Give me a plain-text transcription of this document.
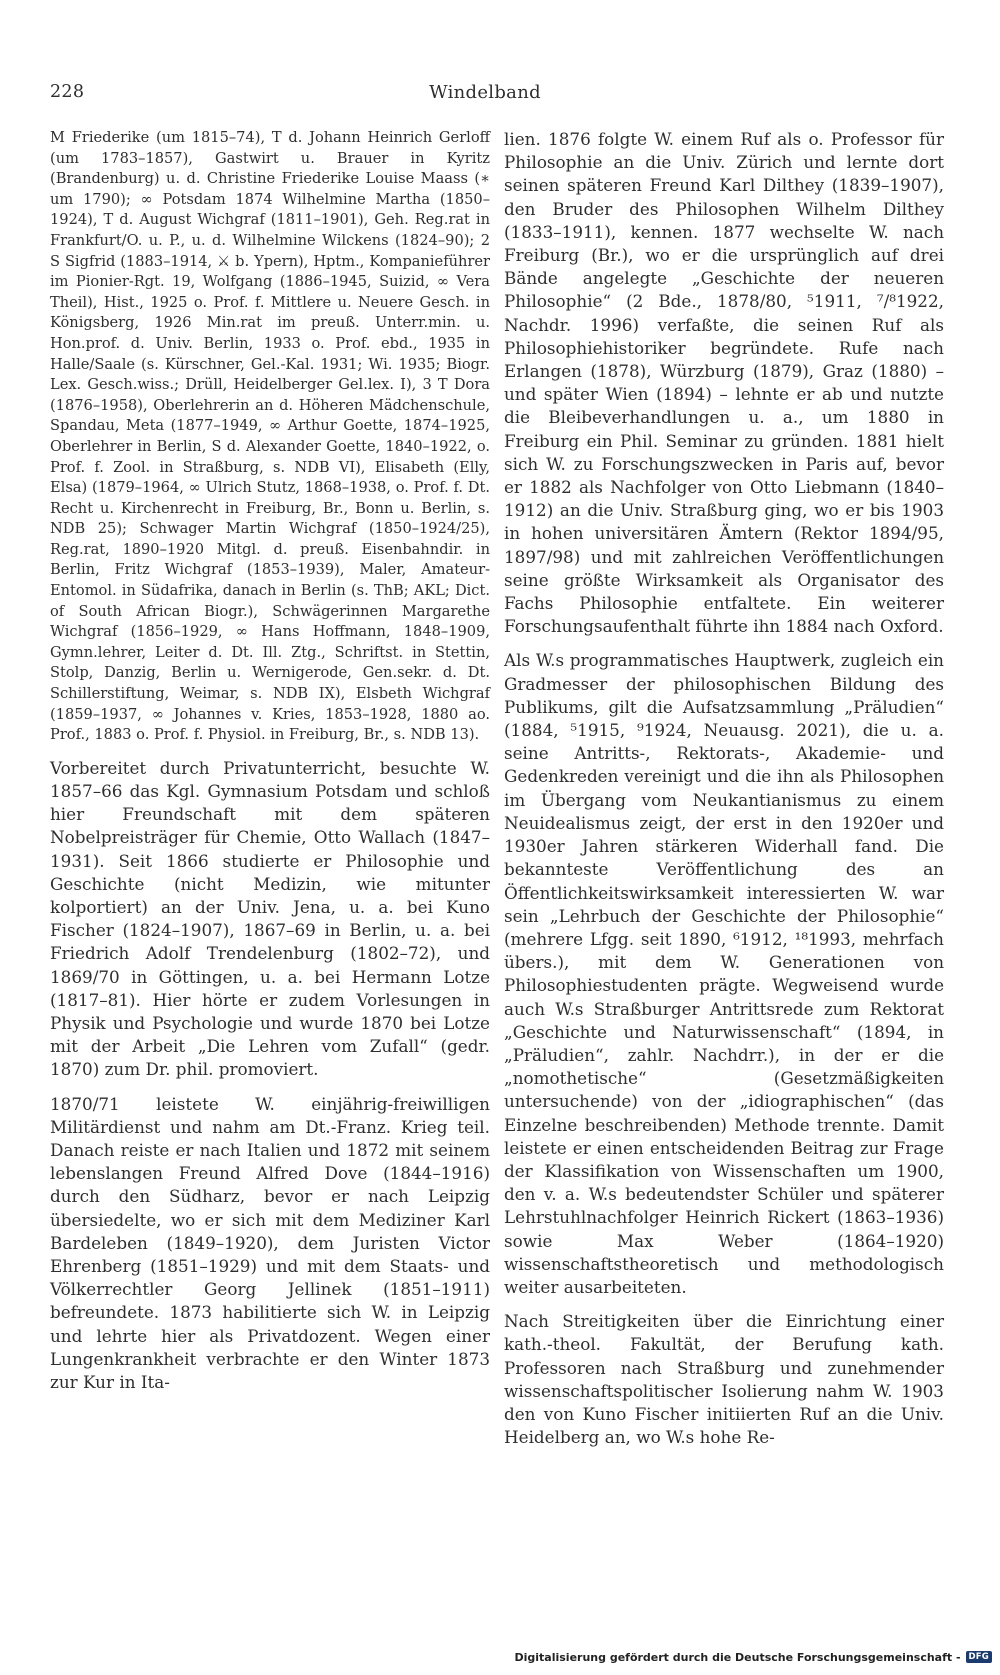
228	Windelband

M Friederike (um 1815–74), T d. Johann Heinrich Gerloff (um 1783–1857), Gastwirt u. Brauer in Kyritz (Brandenburg) u. d. Christine Friederike Louise Maass (∗ um 1790); ∞ Potsdam 1874 Wilhelmine Martha (1850–1924), T d. August Wichgraf (1811–1901), Geh. Reg.rat in Frankfurt/O. u. P., u. d. Wilhelmine Wilckens (1824–90); 2 S Sigfrid (1883–1914, ⚔ b. Ypern), Hptm., Kompanieführer im Pionier-Rgt. 19, Wolfgang (1886–1945, Suizid, ∞ Vera Theil), Hist., 1925 o. Prof. f. Mittlere u. Neuere Gesch. in Königsberg, 1926 Min.rat im preuß. Unterr.min. u. Hon.prof. d. Univ. Berlin, 1933 o. Prof. ebd., 1935 in Halle/Saale (s. Kürschner, Gel.-Kal. 1931; Wi. 1935; Biogr. Lex. Gesch.wiss.; Drüll, Heidelberger Gel.lex. I), 3 T Dora (1876–1958), Oberlehrerin an d. Höheren Mädchenschule, Spandau, Meta (1877–1949, ∞ Arthur Goette, 1874–1925, Oberlehrer in Berlin, S d. Alexander Goette, 1840–1922, o. Prof. f. Zool. in Straßburg, s. NDB VI), Elisabeth (Elly, Elsa) (1879–1964, ∞ Ulrich Stutz, 1868–1938, o. Prof. f. Dt. Recht u. Kirchenrecht in Freiburg, Br., Bonn u. Berlin, s. NDB 25); Schwager Martin Wichgraf (1850–1924/25), Reg.rat, 1890–1920 Mitgl. d. preuß. Eisenbahndir. in Berlin, Fritz Wichgraf (1853–1939), Maler, Amateur-Entomol. in Südafrika, danach in Berlin (s. ThB; AKL; Dict. of South African Biogr.), Schwägerinnen Margarethe Wichgraf (1856–1929, ∞ Hans Hoffmann, 1848–1909, Gymn.lehrer, Leiter d. Dt. Ill. Ztg., Schriftst. in Stettin, Stolp, Danzig, Berlin u. Wernigerode, Gen.sekr. d. Dt. Schillerstiftung, Weimar, s. NDB IX), Elsbeth Wichgraf (1859–1937, ∞ Johannes v. Kries, 1853–1928, 1880 ao. Prof., 1883 o. Prof. f. Physiol. in Freiburg, Br., s. NDB 13).

Vorbereitet durch Privatunterricht, besuchte W. 1857–66 das Kgl. Gymnasium Potsdam und schloß hier Freundschaft mit dem späteren Nobelpreisträger für Chemie, Otto Wallach (1847–1931). Seit 1866 studierte er Philosophie und Geschichte (nicht Medizin, wie mitunter kolportiert) an der Univ. Jena, u. a. bei Kuno Fischer (1824–1907), 1867–69 in Berlin, u. a. bei Friedrich Adolf Trendelenburg (1802–72), und 1869/70 in Göttingen, u. a. bei Hermann Lotze (1817–81). Hier hörte er zudem Vorlesungen in Physik und Psychologie und wurde 1870 bei Lotze mit der Arbeit „Die Lehren vom Zufall“ (gedr. 1870) zum Dr. phil. promoviert.

1870/71 leistete W. einjährig-freiwilligen Militärdienst und nahm am Dt.-Franz. Krieg teil. Danach reiste er nach Italien und 1872 mit seinem lebenslangen Freund Alfred Dove (1844–1916) durch den Südharz, bevor er nach Leipzig übersiedelte, wo er sich mit dem Mediziner Karl Bardeleben (1849–1920), dem Juristen Victor Ehrenberg (1851–1929) und mit dem Staats- und Völkerrechtler Georg Jellinek (1851–1911) befreundete. 1873 habilitierte sich W. in Leipzig und lehrte hier als Privatdozent. Wegen einer Lungenkrankheit verbrachte er den Winter 1873 zur Kur in Ita-

lien. 1876 folgte W. einem Ruf als o. Professor für Philosophie an die Univ. Zürich und lernte dort seinen späteren Freund Karl Dilthey (1839–1907), den Bruder des Philosophen Wilhelm Dilthey (1833–1911), kennen. 1877 wechselte W. nach Freiburg (Br.), wo er die ursprünglich auf drei Bände angelegte „Geschichte der neueren Philosophie“ (2 Bde., 1878/80, ⁵1911, ⁷/⁸1922, Nachdr. 1996) verfaßte, die seinen Ruf als Philosophiehistoriker begründete. Rufe nach Erlangen (1878), Würzburg (1879), Graz (1880) – und später Wien (1894) – lehnte er ab und nutzte die Bleibeverhandlungen u. a., um 1880 in Freiburg ein Phil. Seminar zu gründen. 1881 hielt sich W. zu Forschungszwecken in Paris auf, bevor er 1882 als Nachfolger von Otto Liebmann (1840–1912) an die Univ. Straßburg ging, wo er bis 1903 in hohen universitären Ämtern (Rektor 1894/95, 1897/98) und mit zahlreichen Veröffentlichungen seine größte Wirksamkeit als Organisator des Fachs Philosophie entfaltete. Ein weiterer Forschungsaufenthalt führte ihn 1884 nach Oxford.

Als W.s programmatisches Hauptwerk, zugleich ein Gradmesser der philosophischen Bildung des Publikums, gilt die Aufsatzsammlung „Präludien“ (1884, ⁵1915, ⁹1924, Neuausg. 2021), die u. a. seine Antritts-, Rektorats-, Akademie- und Gedenkreden vereinigt und die ihn als Philosophen im Übergang vom Neukantianismus zu einem Neuidealismus zeigt, der erst in den 1920er und 1930er Jahren stärkeren Widerhall fand. Die bekannteste Veröffentlichung des an Öffentlichkeitswirksamkeit interessierten W. war sein „Lehrbuch der Geschichte der Philosophie“ (mehrere Lfgg. seit 1890, ⁶1912, ¹⁸1993, mehrfach übers.), mit dem W. Generationen von Philosophiestudenten prägte. Wegweisend wurde auch W.s Straßburger Antrittsrede zum Rektorat „Geschichte und Naturwissenschaft“ (1894, in „Präludien“, zahlr. Nachdrr.), in der er die „nomothetische“ (Gesetzmäßigkeiten untersuchende) von der „idiographischen“ (das Einzelne beschreibenden) Methode trennte. Damit leistete er einen entscheidenden Beitrag zur Frage der Klassifikation von Wissenschaften um 1900, den v. a. W.s bedeutendster Schüler und späterer Lehrstuhlnachfolger Heinrich Rickert (1863–1936) sowie Max Weber (1864–1920) wissenschaftstheoretisch und methodologisch weiter ausarbeiteten.

Nach Streitigkeiten über die Einrichtung einer kath.-theol. Fakultät, der Berufung kath. Professoren nach Straßburg und zunehmender wissenschaftspolitischer Isolierung nahm W. 1903 den von Kuno Fischer initiierten Ruf an die Univ. Heidelberg an, wo W.s hohe Re-

Digitalisierung gefördert durch die Deutsche Forschungsgemeinschaft - DFG
